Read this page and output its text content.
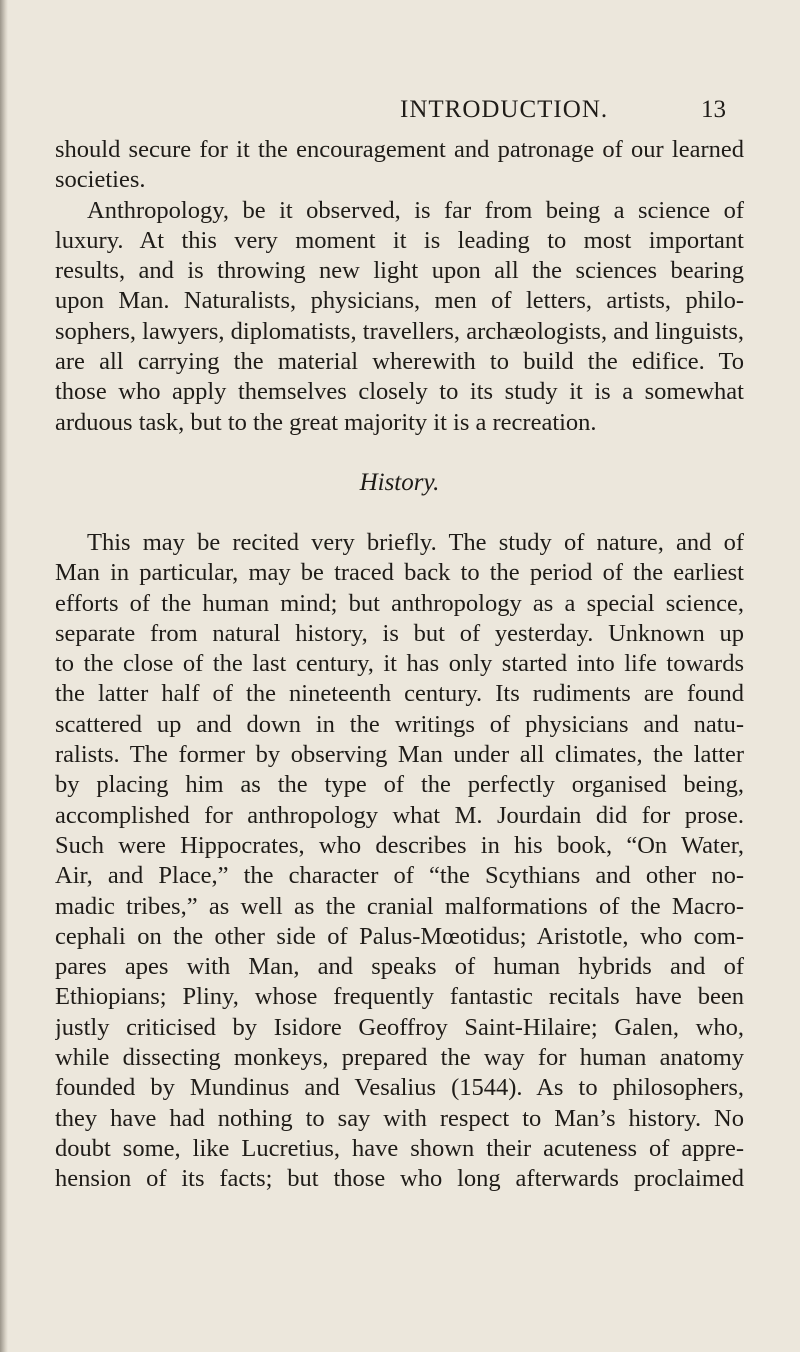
INTRODUCTION.	13
should secure for it the encouragement and patronage of our learned
societies.
Anthropology, be it observed, is far from being a science of
luxury. At this very moment it is leading to most important
results, and is throwing new light upon all the sciences bearing
upon Man. Naturalists, physicians, men of letters, artists, philo-
sophers, lawyers, diplomatists, travellers, archæologists, and linguists,
are all carrying the material wherewith to build the edifice. To
those who apply themselves closely to its study it is a somewhat
arduous task, but to the great majority it is a recreation.
History.
This may be recited very briefly. The study of nature, and of
Man in particular, may be traced back to the period of the earliest
efforts of the human mind; but anthropology as a special science,
separate from natural history, is but of yesterday. Unknown up
to the close of the last century, it has only started into life towards
the latter half of the nineteenth century. Its rudiments are found
scattered up and down in the writings of physicians and natu-
ralists. The former by observing Man under all climates, the latter
by placing him as the type of the perfectly organised being,
accomplished for anthropology what M. Jourdain did for prose.
Such were Hippocrates, who describes in his book, “On Water,
Air, and Place,” the character of “the Scythians and other no-
madic tribes,” as well as the cranial malformations of the Macro-
cephali on the other side of Palus-Mœotidus; Aristotle, who com-
pares apes with Man, and speaks of human hybrids and of
Ethiopians; Pliny, whose frequently fantastic recitals have been
justly criticised by Isidore Geoffroy Saint-Hilaire; Galen, who,
while dissecting monkeys, prepared the way for human anatomy
founded by Mundinus and Vesalius (1544). As to philosophers,
they have had nothing to say with respect to Man’s history. No
doubt some, like Lucretius, have shown their acuteness of appre-
hension of its facts; but those who long afterwards proclaimed
